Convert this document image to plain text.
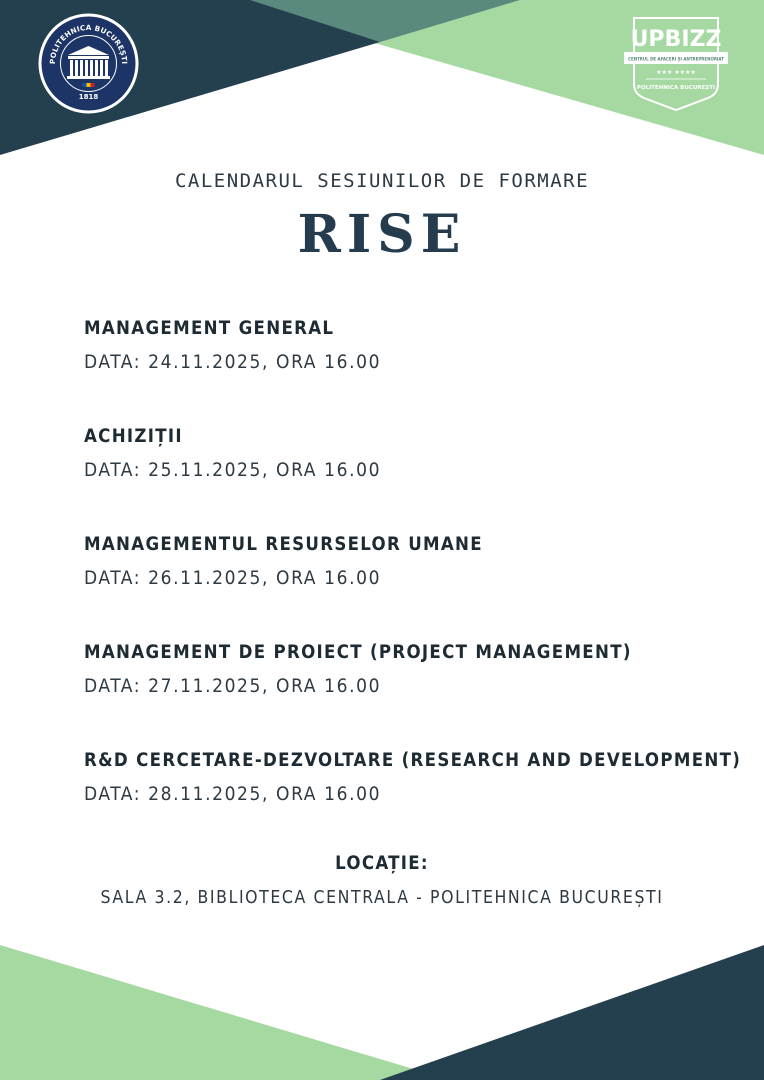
POLITEHNICA BUCUREȘTI
1818
UPBIZZ
CENTRUL DE AFACERI ȘI ANTREPRENORIAT
★★★ ★★★★
POLITEHNICA BUCUREȘTI
CALENDARUL SESIUNILOR DE FORMARE
RISE
MANAGEMENT GENERAL
DATA: 24.11.2025, ORA 16.00
ACHIZIȚII
DATA: 25.11.2025, ORA 16.00
MANAGEMENTUL RESURSELOR UMANE
DATA: 26.11.2025, ORA 16.00
MANAGEMENT DE PROIECT (PROJECT MANAGEMENT)
DATA: 27.11.2025, ORA 16.00
R&D CERCETARE-DEZVOLTARE (RESEARCH AND DEVELOPMENT)
DATA: 28.11.2025, ORA 16.00
LOCAȚIE:
SALA 3.2, BIBLIOTECA CENTRALA - POLITEHNICA BUCUREȘTI
